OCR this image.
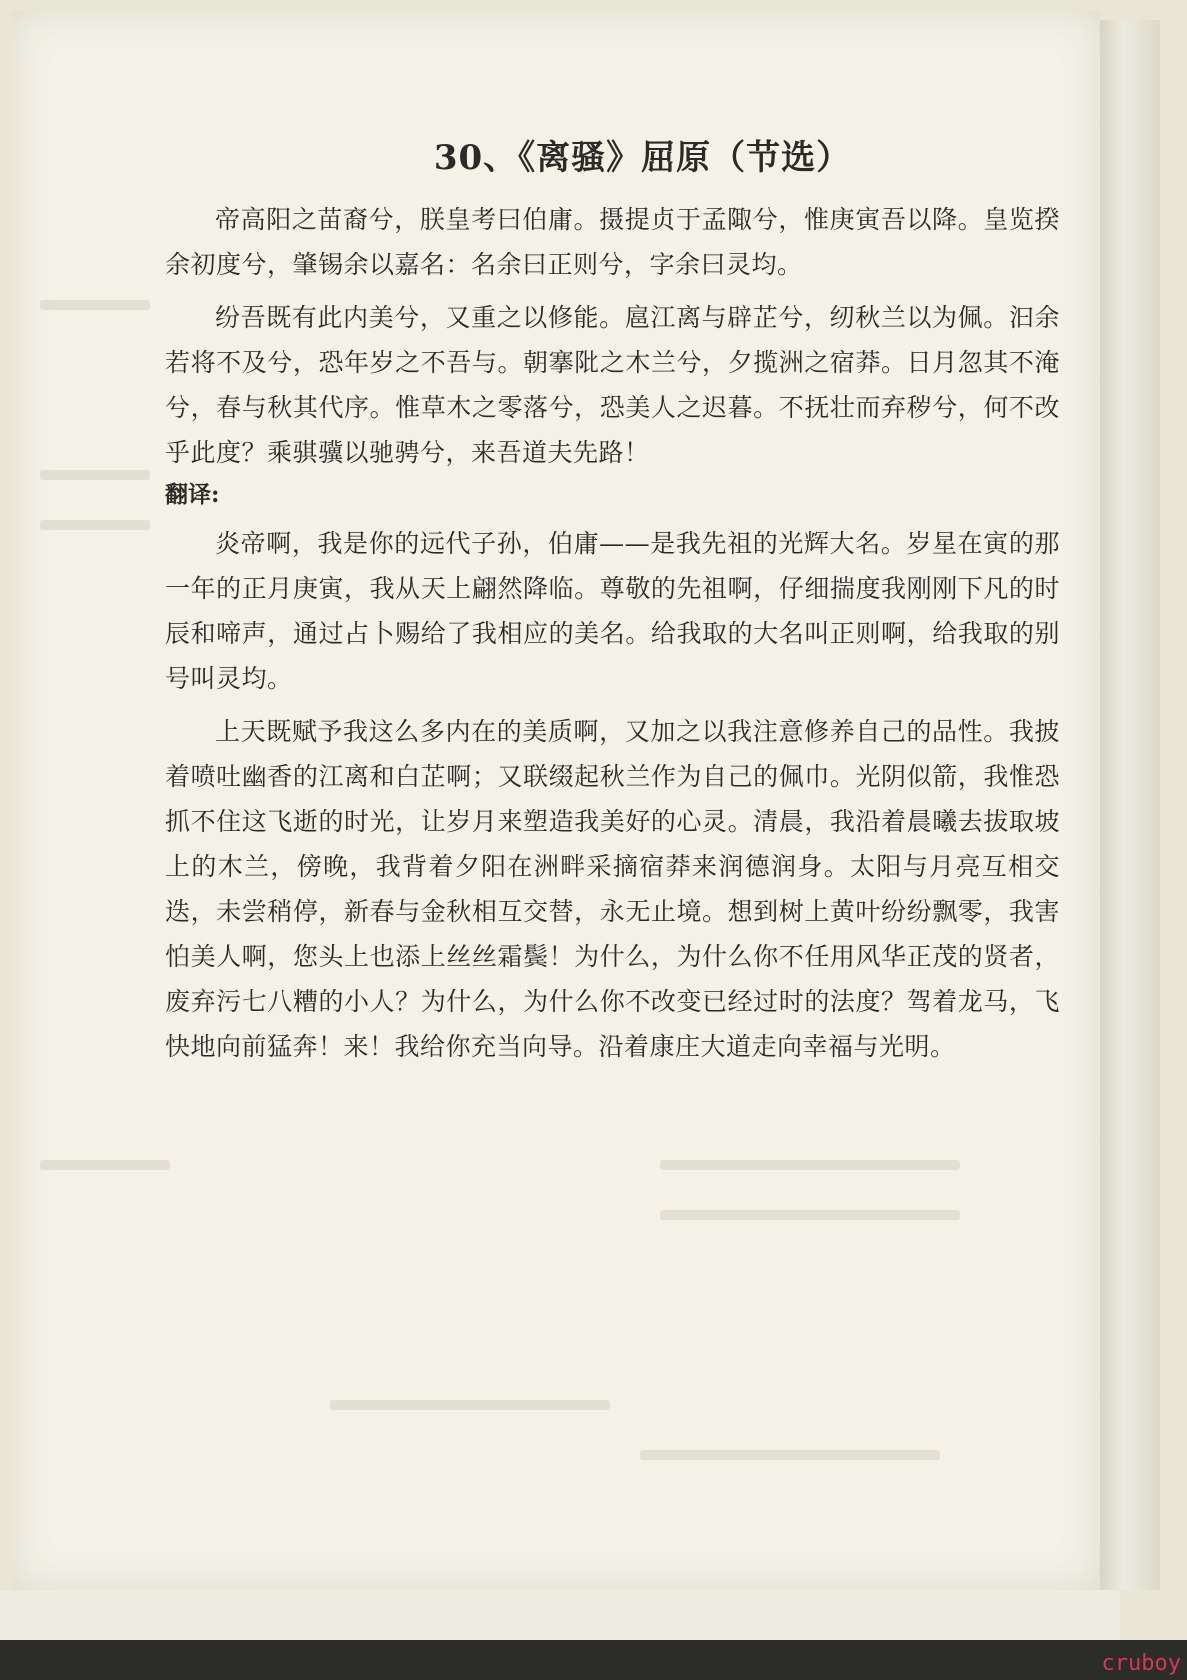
30、《离骚》屈原（节选）

帝高阳之苗裔兮，朕皇考曰伯庸。摄提贞于孟陬兮，惟庚寅吾以降。皇览揆余初度兮，肇锡余以嘉名：名余曰正则兮，字余曰灵均。

纷吾既有此内美兮，又重之以修能。扈江离与辟芷兮，纫秋兰以为佩。汩余若将不及兮，恐年岁之不吾与。朝搴阰之木兰兮，夕揽洲之宿莽。日月忽其不淹兮，春与秋其代序。惟草木之零落兮，恐美人之迟暮。不抚壮而弃秽兮，何不改乎此度？乘骐骥以驰骋兮，来吾道夫先路！

翻译:

炎帝啊，我是你的远代子孙，伯庸——是我先祖的光辉大名。岁星在寅的那一年的正月庚寅，我从天上翩然降临。尊敬的先祖啊，仔细揣度我刚刚下凡的时辰和啼声，通过占卜赐给了我相应的美名。给我取的大名叫正则啊，给我取的别号叫灵均。

上天既赋予我这么多内在的美质啊，又加之以我注意修养自己的品性。我披着喷吐幽香的江离和白芷啊；又联缀起秋兰作为自己的佩巾。光阴似箭，我惟恐抓不住这飞逝的时光，让岁月来塑造我美好的心灵。清晨，我沿着晨曦去拔取坡上的木兰，傍晚，我背着夕阳在洲畔采摘宿莽来润德润身。太阳与月亮互相交迭，未尝稍停，新春与金秋相互交替，永无止境。想到树上黄叶纷纷飘零，我害怕美人啊，您头上也添上丝丝霜鬓！为什么，为什么你不任用风华正茂的贤者，废弃污七八糟的小人？为什么，为什么你不改变已经过时的法度？驾着龙马，飞快地向前猛奔！来！我给你充当向导。沿着康庄大道走向幸福与光明。

cruboy
